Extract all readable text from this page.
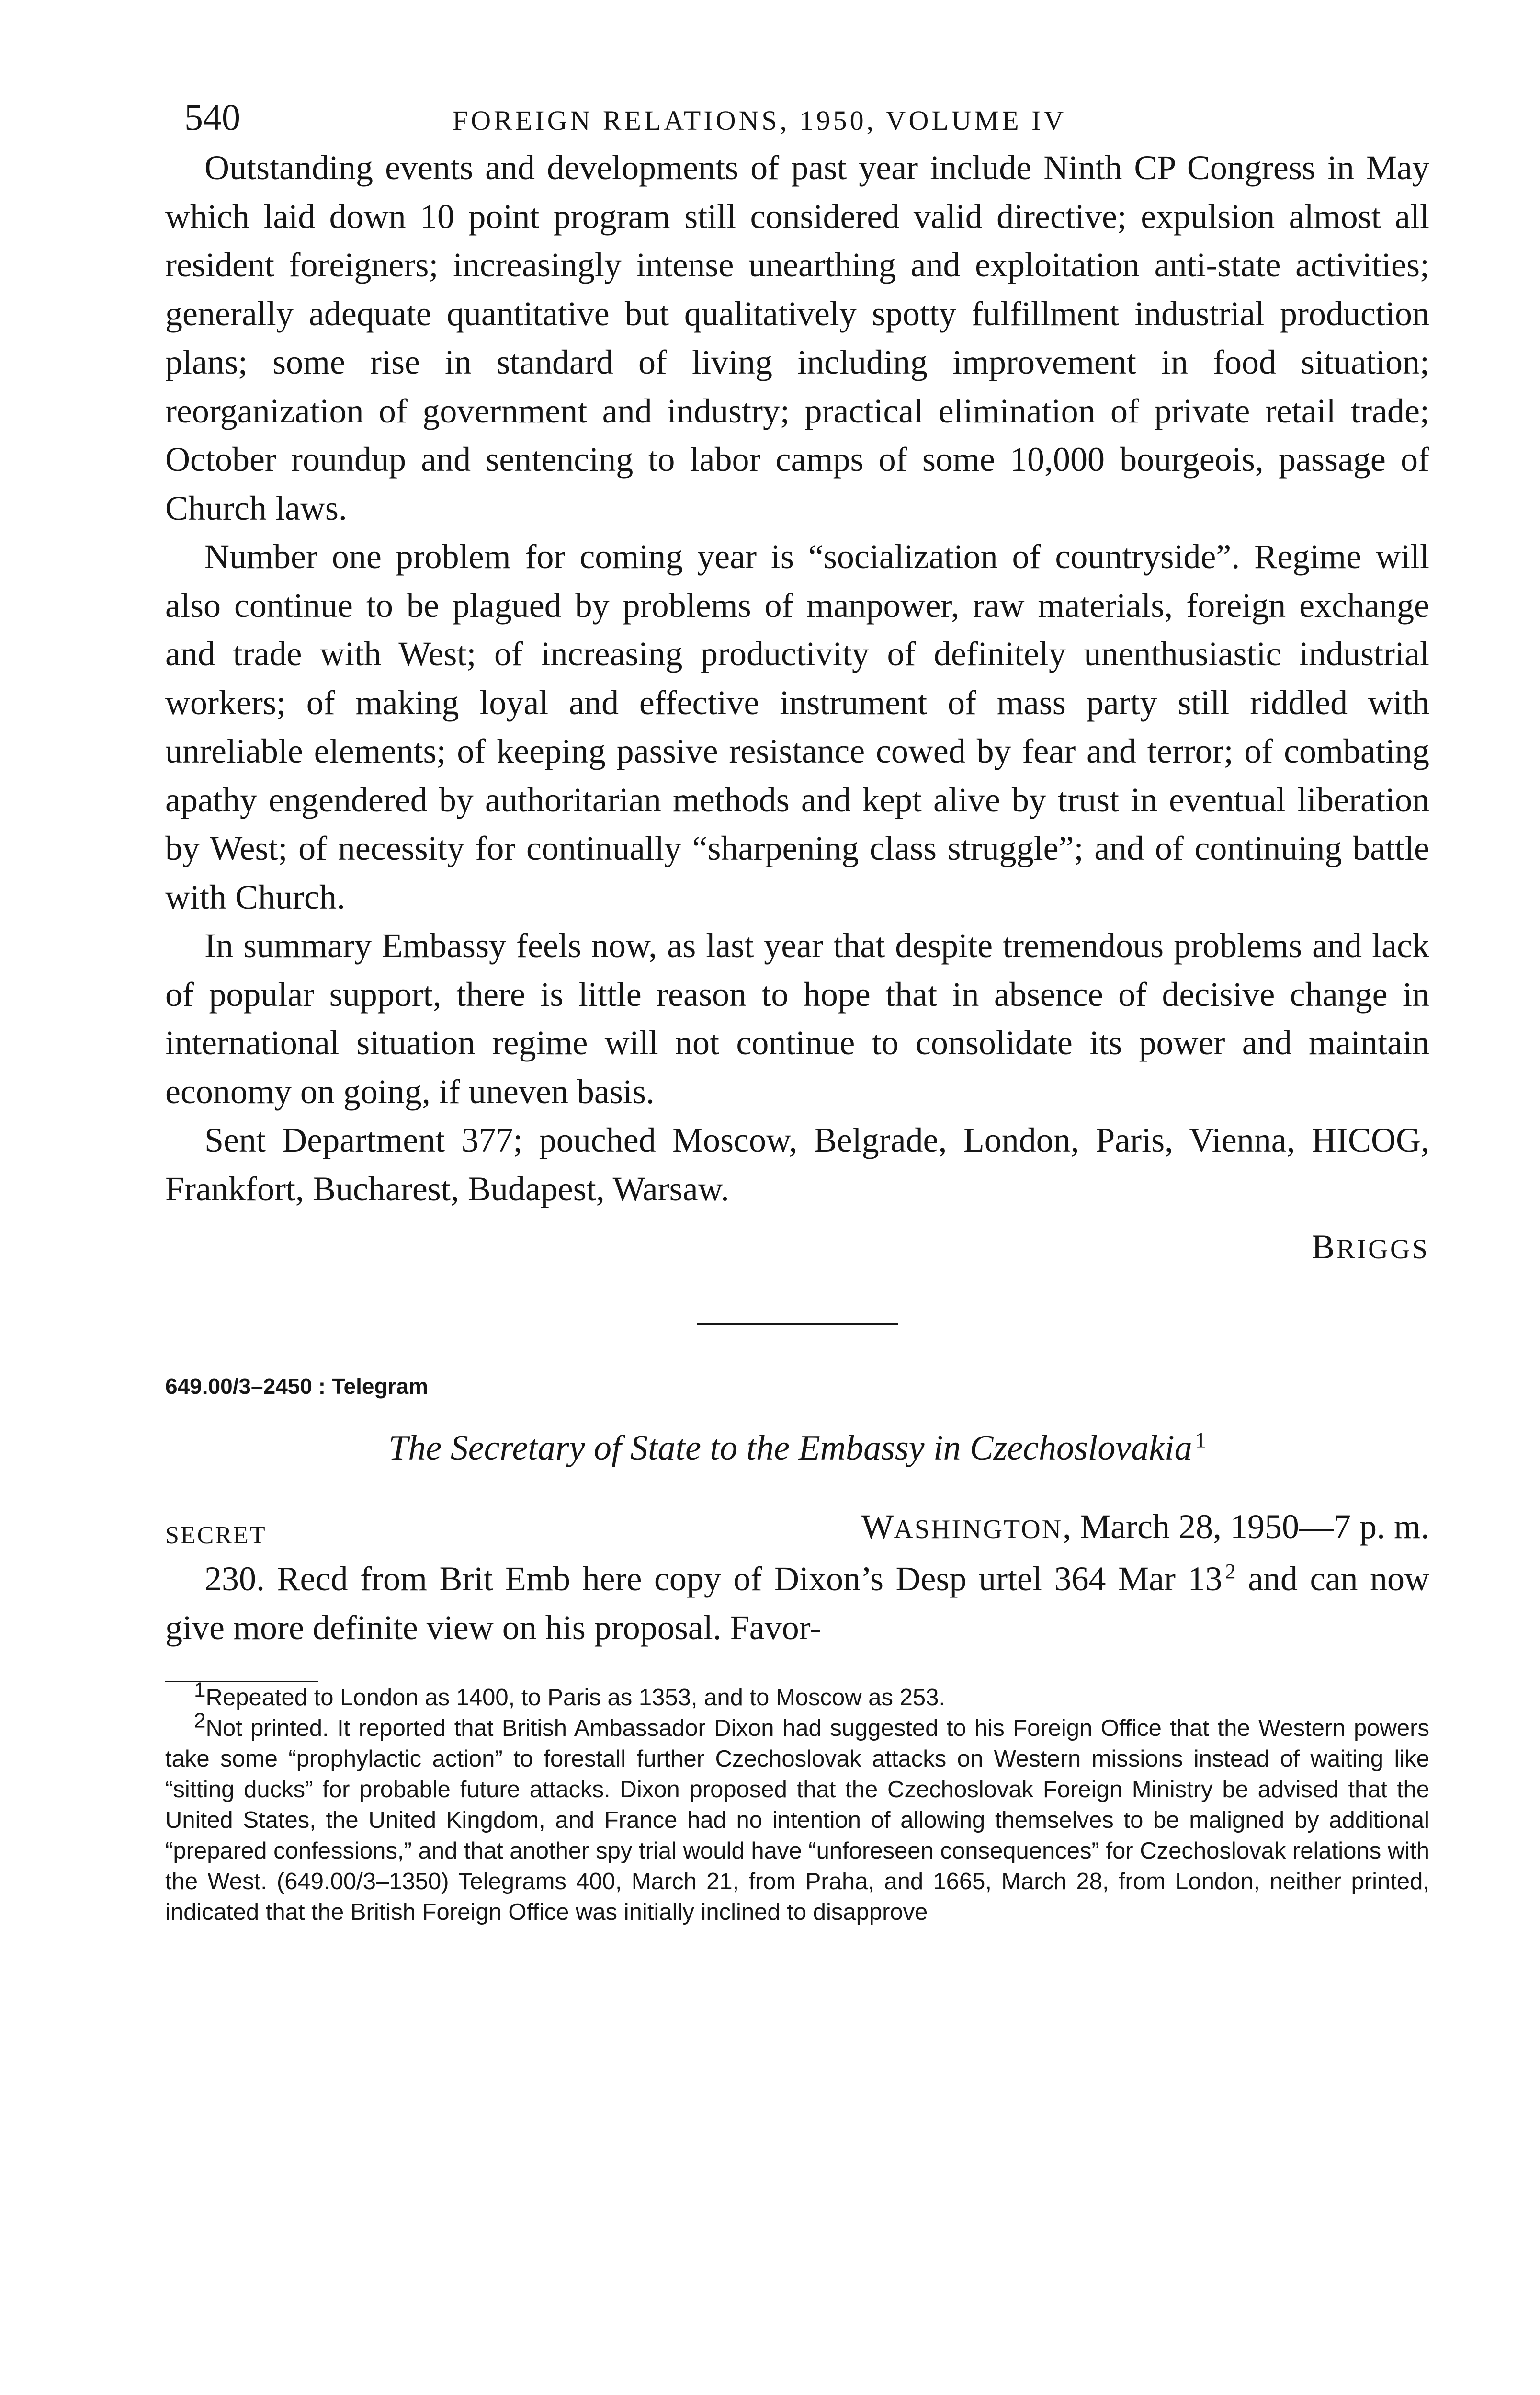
540	FOREIGN RELATIONS, 1950, VOLUME IV

Outstanding events and developments of past year include Ninth CP Congress in May which laid down 10 point program still considered valid directive; expulsion almost all resident foreigners; increasingly intense unearthing and exploitation anti-state activities; generally adequate quantitative but qualitatively spotty fulfillment industrial production plans; some rise in standard of living including improvement in food situation; reorganization of government and industry; practical elimination of private retail trade; October roundup and sentencing to labor camps of some 10,000 bourgeois, passage of Church laws.

Number one problem for coming year is “socialization of countryside”. Regime will also continue to be plagued by problems of manpower, raw materials, foreign exchange and trade with West; of increasing productivity of definitely unenthusiastic industrial workers; of making loyal and effective instrument of mass party still riddled with unreliable elements; of keeping passive resistance cowed by fear and terror; of combating apathy engendered by authoritarian methods and kept alive by trust in eventual liberation by West; of necessity for continually “sharpening class struggle”; and of continuing battle with Church.

In summary Embassy feels now, as last year that despite tremendous problems and lack of popular support, there is little reason to hope that in absence of decisive change in international situation regime will not continue to consolidate its power and maintain economy on going, if uneven basis.

Sent Department 377; pouched Moscow, Belgrade, London, Paris, Vienna, HICOG, Frankfort, Bucharest, Budapest, Warsaw.

BRIGGS
649.00/3–2450 : Telegram
The Secretary of State to the Embassy in Czechoslovakia  $^1$
SECRET	WASHINGTON, March 28, 1950—7 p. m.

230. Recd from Brit Emb here copy of Dixon’s Desp urtel 364 Mar 13  $^2$ and can now give more definite view on his proposal. Favor-

$^1$Repeated to London as 1400, to Paris as 1353, and to Moscow as 253.

$^2$Not printed. It reported that British Ambassador Dixon had suggested to his Foreign Office that the Western powers take some “prophylactic action” to forestall further Czechoslovak attacks on Western missions instead of waiting like “sitting ducks” for probable future attacks. Dixon proposed that the Czechoslovak Foreign Ministry be advised that the United States, the United Kingdom, and France had no intention of allowing themselves to be maligned by additional “prepared confessions,” and that another spy trial would have “unforeseen consequences” for Czechoslovak relations with the West. (649.00/3–1350) Telegrams 400, March 21, from Praha, and 1665, March 28, from London, neither printed, indicated that the British Foreign Office was initially inclined to disapprove
